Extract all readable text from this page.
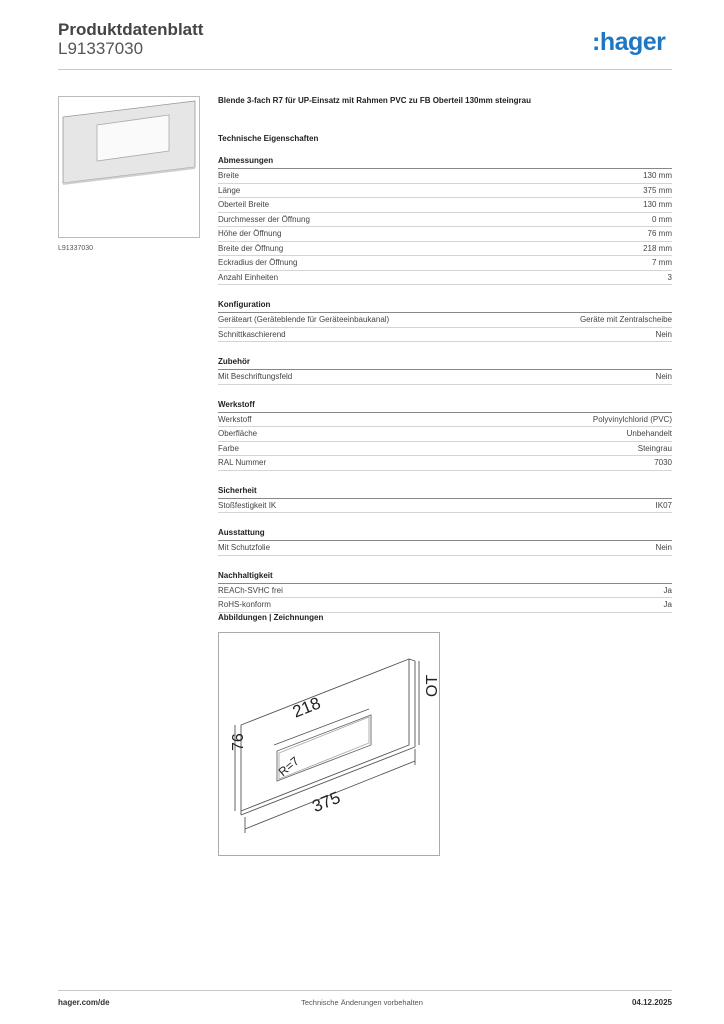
Produktdatenblatt
L91337030	:hager
L91337030
Blende 3-fach R7 für UP-Einsatz mit Rahmen PVC zu FB Oberteil 130mm steingrau
Technische Eigenschaften
Abmessungen
Breite	130 mm
Länge	375 mm
Oberteil Breite	130 mm
Durchmesser der Öffnung	0 mm
Höhe der Öffnung	76 mm
Breite der Öffnung	218 mm
Eckradius der Öffnung	7 mm
Anzahl Einheiten	3
Konfiguration
Geräteart (Geräteblende für Geräteeinbaukanal)	Geräte mit Zentralscheibe
Schnittkaschierend	Nein
Zubehör
Mit Beschriftungsfeld	Nein
Werkstoff
Werkstoff	Polyvinylchlorid (PVC)
Oberfläche	Unbehandelt
Farbe	Steingrau
RAL Nummer	7030
Sicherheit
Stoßfestigkeit IK	IK07
Ausstattung
Mit Schutzfolie	Nein
Nachhaltigkeit
REACh-SVHC frei	Ja
RoHS-konform	Ja
Abbildungen | Zeichnungen
218
76
R=7
375
OT
hager.com/de	Technische Änderungen vorbehalten	04.12.2025
